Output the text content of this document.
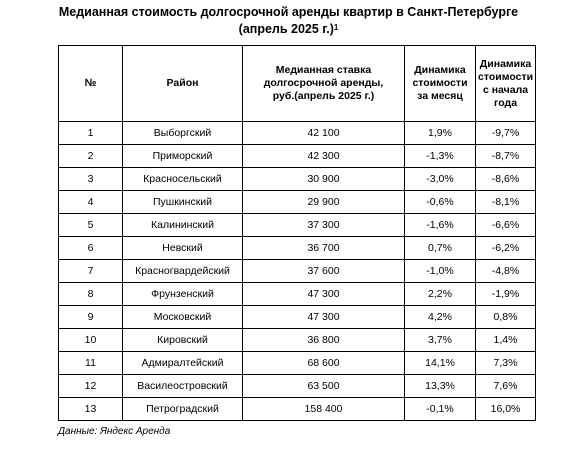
Медианная стоимость долгосрочной аренды квартир в Санкт-Петербурге
(апрель 2025 г.)$^1$
№	Район	Медианная ставка долгосрочной аренды, руб.(апрель 2025 г.)	Динамика стоимости за месяц	Динамика стоимости с начала года
1	Выборгский	42 100	1,9%	-9,7%
2	Приморский	42 300	-1,3%	-8,7%
3	Красносельский	30 900	-3,0%	-8,6%
4	Пушкинский	29 900	-0,6%	-8,1%
5	Калининский	37 300	-1,6%	-6,6%
6	Невский	36 700	0,7%	-6,2%
7	Красногвардейский	37 600	-1,0%	-4,8%
8	Фрунзенский	47 300	2,2%	-1,9%
9	Московский	47 300	4,2%	0,8%
10	Кировский	36 800	3,7%	1,4%
11	Адмиралтейский	68 600	14,1%	7,3%
12	Василеостровский	63 500	13,3%	7,6%
13	Петроградский	158 400	-0,1%	16,0%
Данные: Яндекс Аренда
